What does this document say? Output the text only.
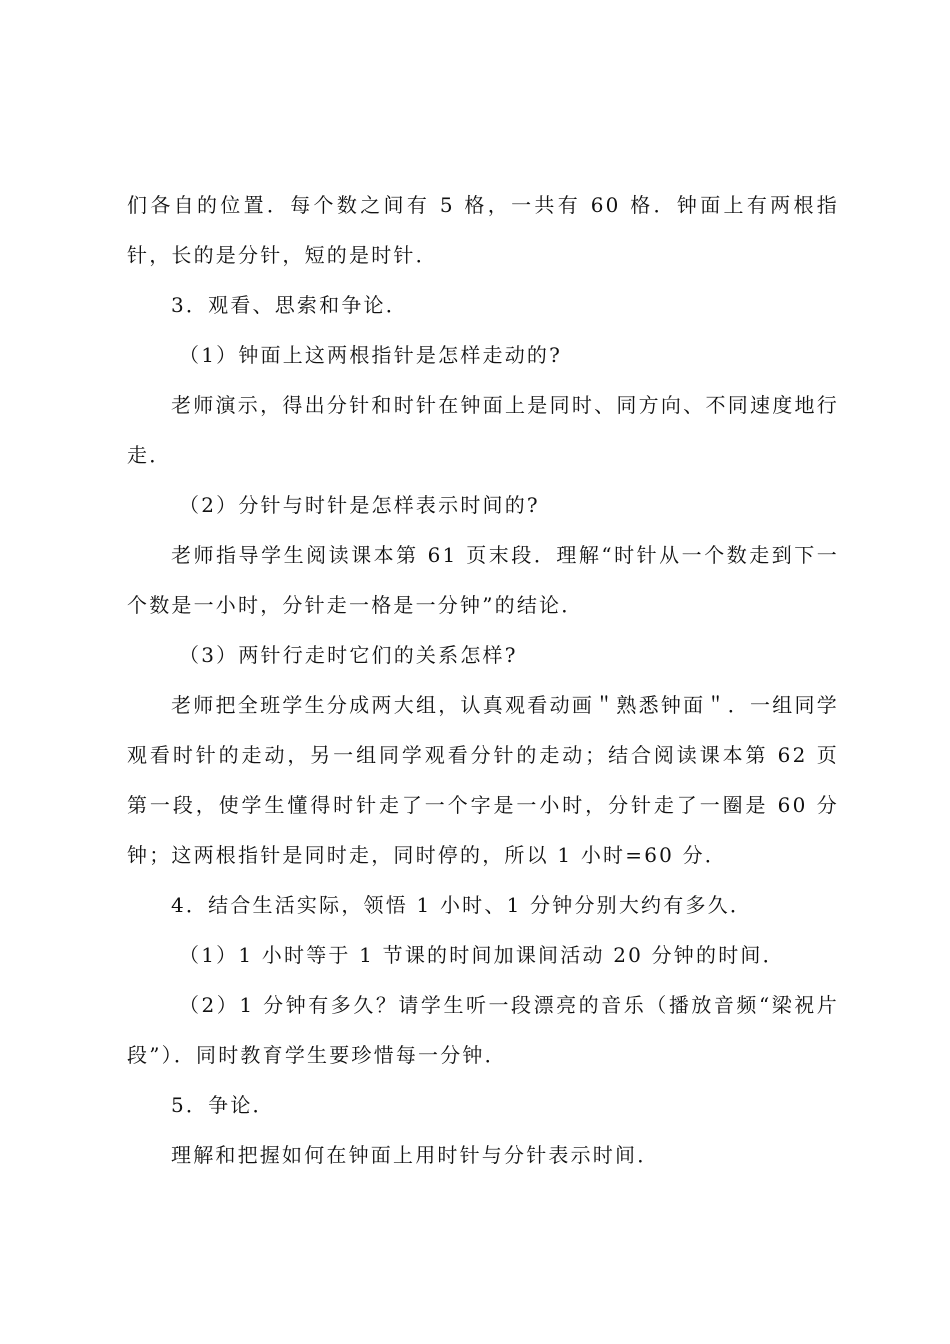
们各自的位置．每个数之间有 5 格，一共有 60 格．钟面上有两根指针，长的是分针，短的是时针．

3．观看、思索和争论．

（1）钟面上这两根指针是怎样走动的?

老师演示，得出分针和时针在钟面上是同时、同方向、不同速度地行走．

（2）分针与时针是怎样表示时间的?

老师指导学生阅读课本第 61 页末段．理解“时针从一个数走到下一个数是一小时，分针走一格是一分钟”的结论．

（3）两针行走时它们的关系怎样?

老师把全班学生分成两大组，认真观看动画＂熟悉钟面＂．一组同学观看时针的走动，另一组同学观看分针的走动；结合阅读课本第 62 页第一段，使学生懂得时针走了一个字是一小时，分针走了一圈是 60 分钟；这两根指针是同时走，同时停的，所以 1 小时=60 分．

4．结合生活实际，领悟 1 小时、1 分钟分别大约有多久．

（1）1 小时等于 1 节课的时间加课间活动 20 分钟的时间．

（2）1 分钟有多久？请学生听一段漂亮的音乐（播放音频“梁祝片段”）．同时教育学生要珍惜每一分钟．

5．争论．

理解和把握如何在钟面上用时针与分针表示时间．
